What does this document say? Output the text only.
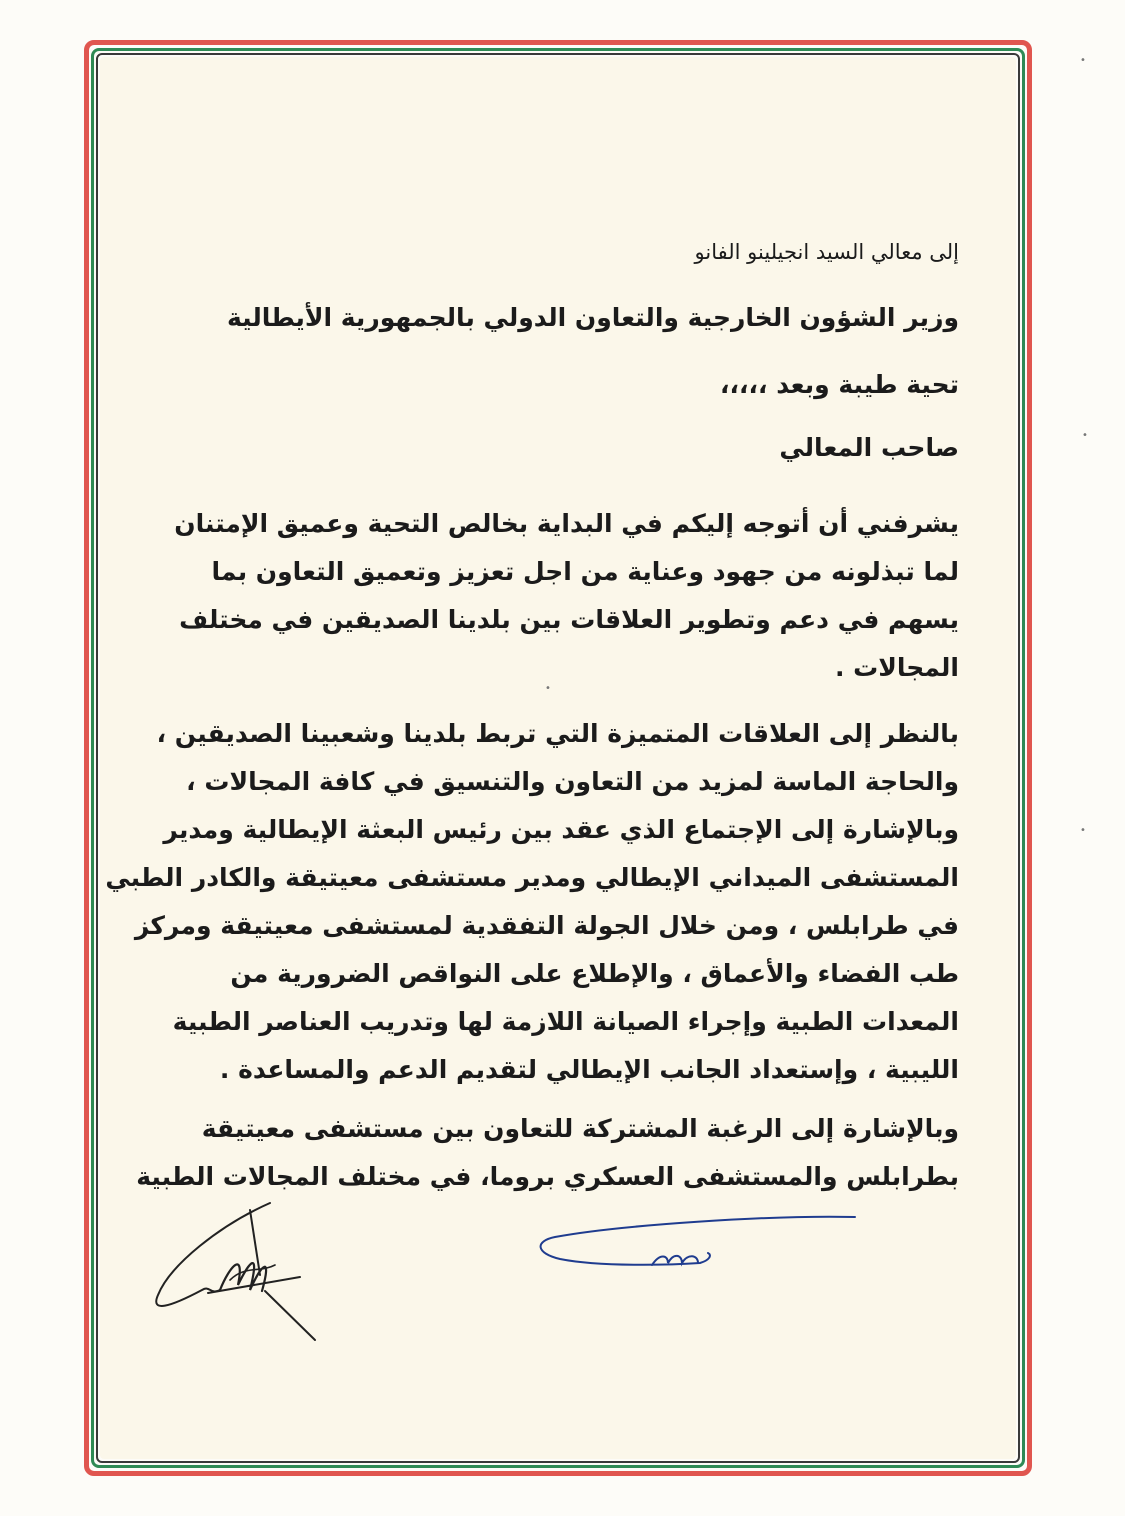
إلى معالي السيد انجيلينو الفانو
وزير الشؤون الخارجية والتعاون الدولي بالجمهورية الأيطالية
تحية طيبة وبعد ،،،،،
صاحب المعالي
يشرفني أن أتوجه إليكم في البداية بخالص التحية وعميق الإمتنان
لما تبذلونه من جهود وعناية من اجل تعزيز وتعميق التعاون بما
يسهم في دعم وتطوير العلاقات بين بلدينا الصديقين في مختلف
المجالات .
بالنظر إلى العلاقات المتميزة التي تربط بلدينا وشعبينا الصديقين ،
والحاجة الماسة لمزيد من التعاون والتنسيق في كافة المجالات ،
وبالإشارة إلى الإجتماع الذي عقد بين رئيس البعثة الإيطالية ومدير
المستشفى الميداني الإيطالي ومدير مستشفى معيتيقة والكادر الطبي
في طرابلس ، ومن خلال الجولة التفقدية لمستشفى معيتيقة ومركز
طب الفضاء والأعماق ، والإطلاع على النواقص الضرورية من
المعدات الطبية وإجراء الصيانة اللازمة لها وتدريب العناصر الطبية
الليبية ، وإستعداد الجانب الإيطالي لتقديم الدعم والمساعدة .
وبالإشارة إلى الرغبة المشتركة للتعاون بين مستشفى معيتيقة
بطرابلس والمستشفى العسكري بروما، في مختلف المجالات الطبية
•
•
•
•
